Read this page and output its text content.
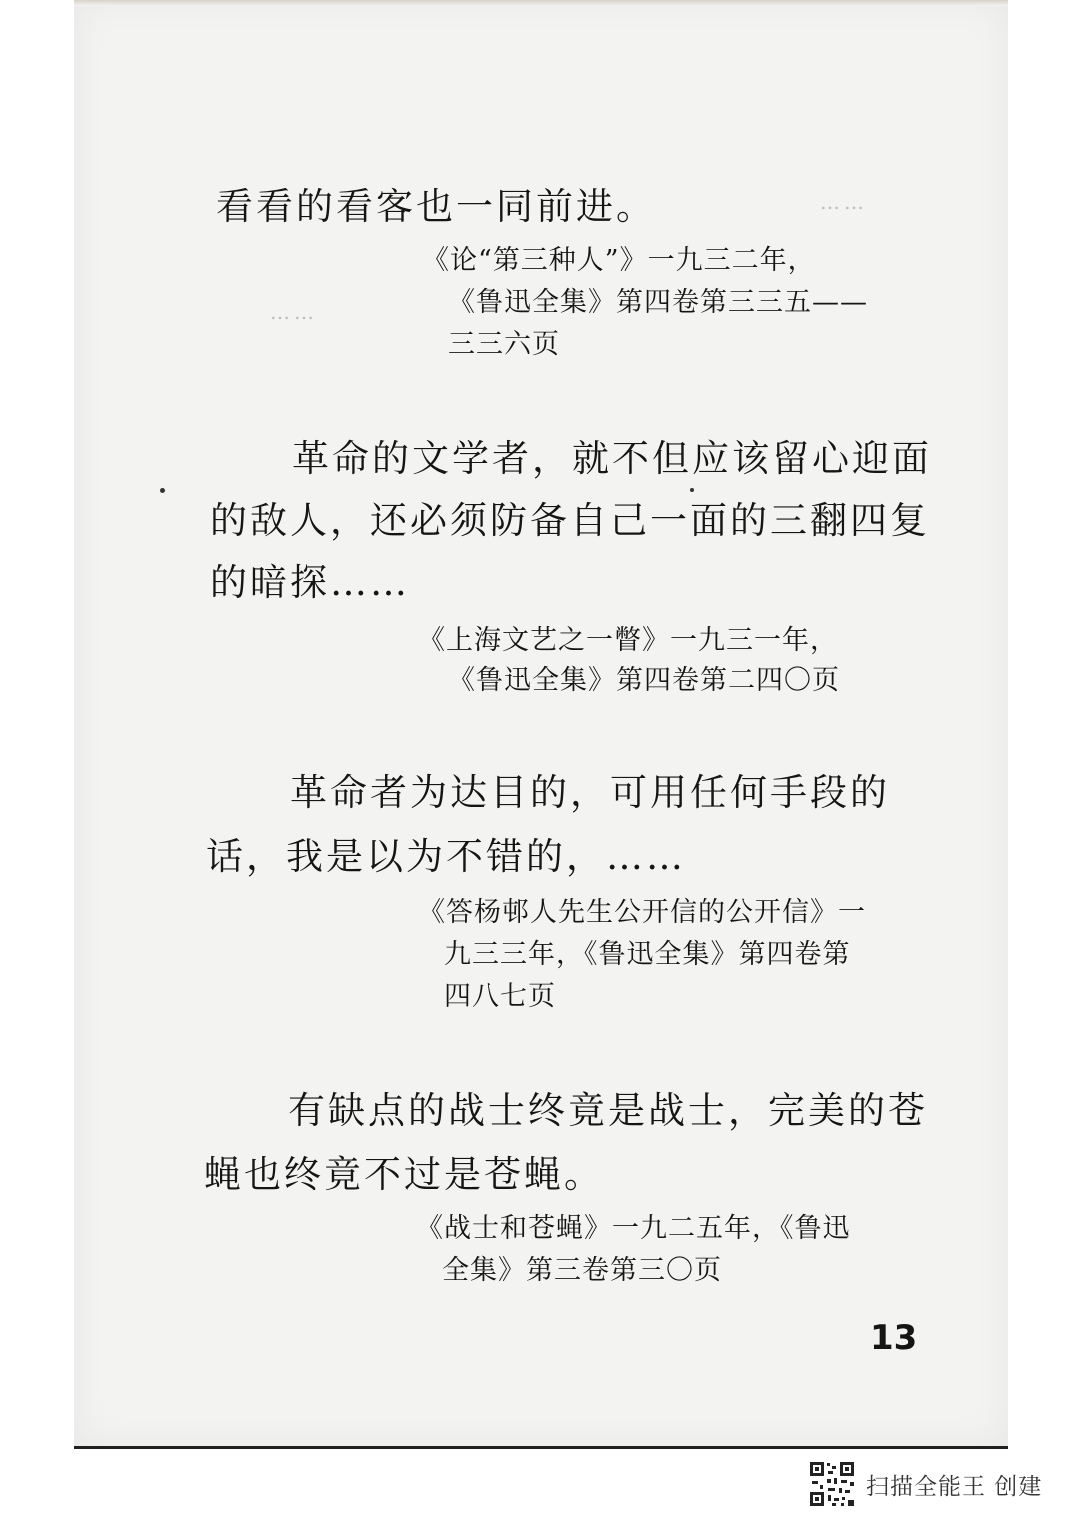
……
……
看看的看客也一同前进。
《论“第三种人”》一九三二年，
《鲁迅全集》第四卷第三三五——
三三六页
革命的文学者，就不但应该留心迎面
的敌人，还必须防备自己一面的三翻四复
的暗探……
《上海文艺之一瞥》一九三一年，
《鲁迅全集》第四卷第二四〇页
革命者为达目的，可用任何手段的
话，我是以为不错的，……
《答杨邨人先生公开信的公开信》一
九三三年，《鲁迅全集》第四卷第
四八七页
有缺点的战士终竟是战士，完美的苍
蝇也终竟不过是苍蝇。
《战士和苍蝇》一九二五年，《鲁迅
全集》第三卷第三〇页
13
扫描全能王 创建
